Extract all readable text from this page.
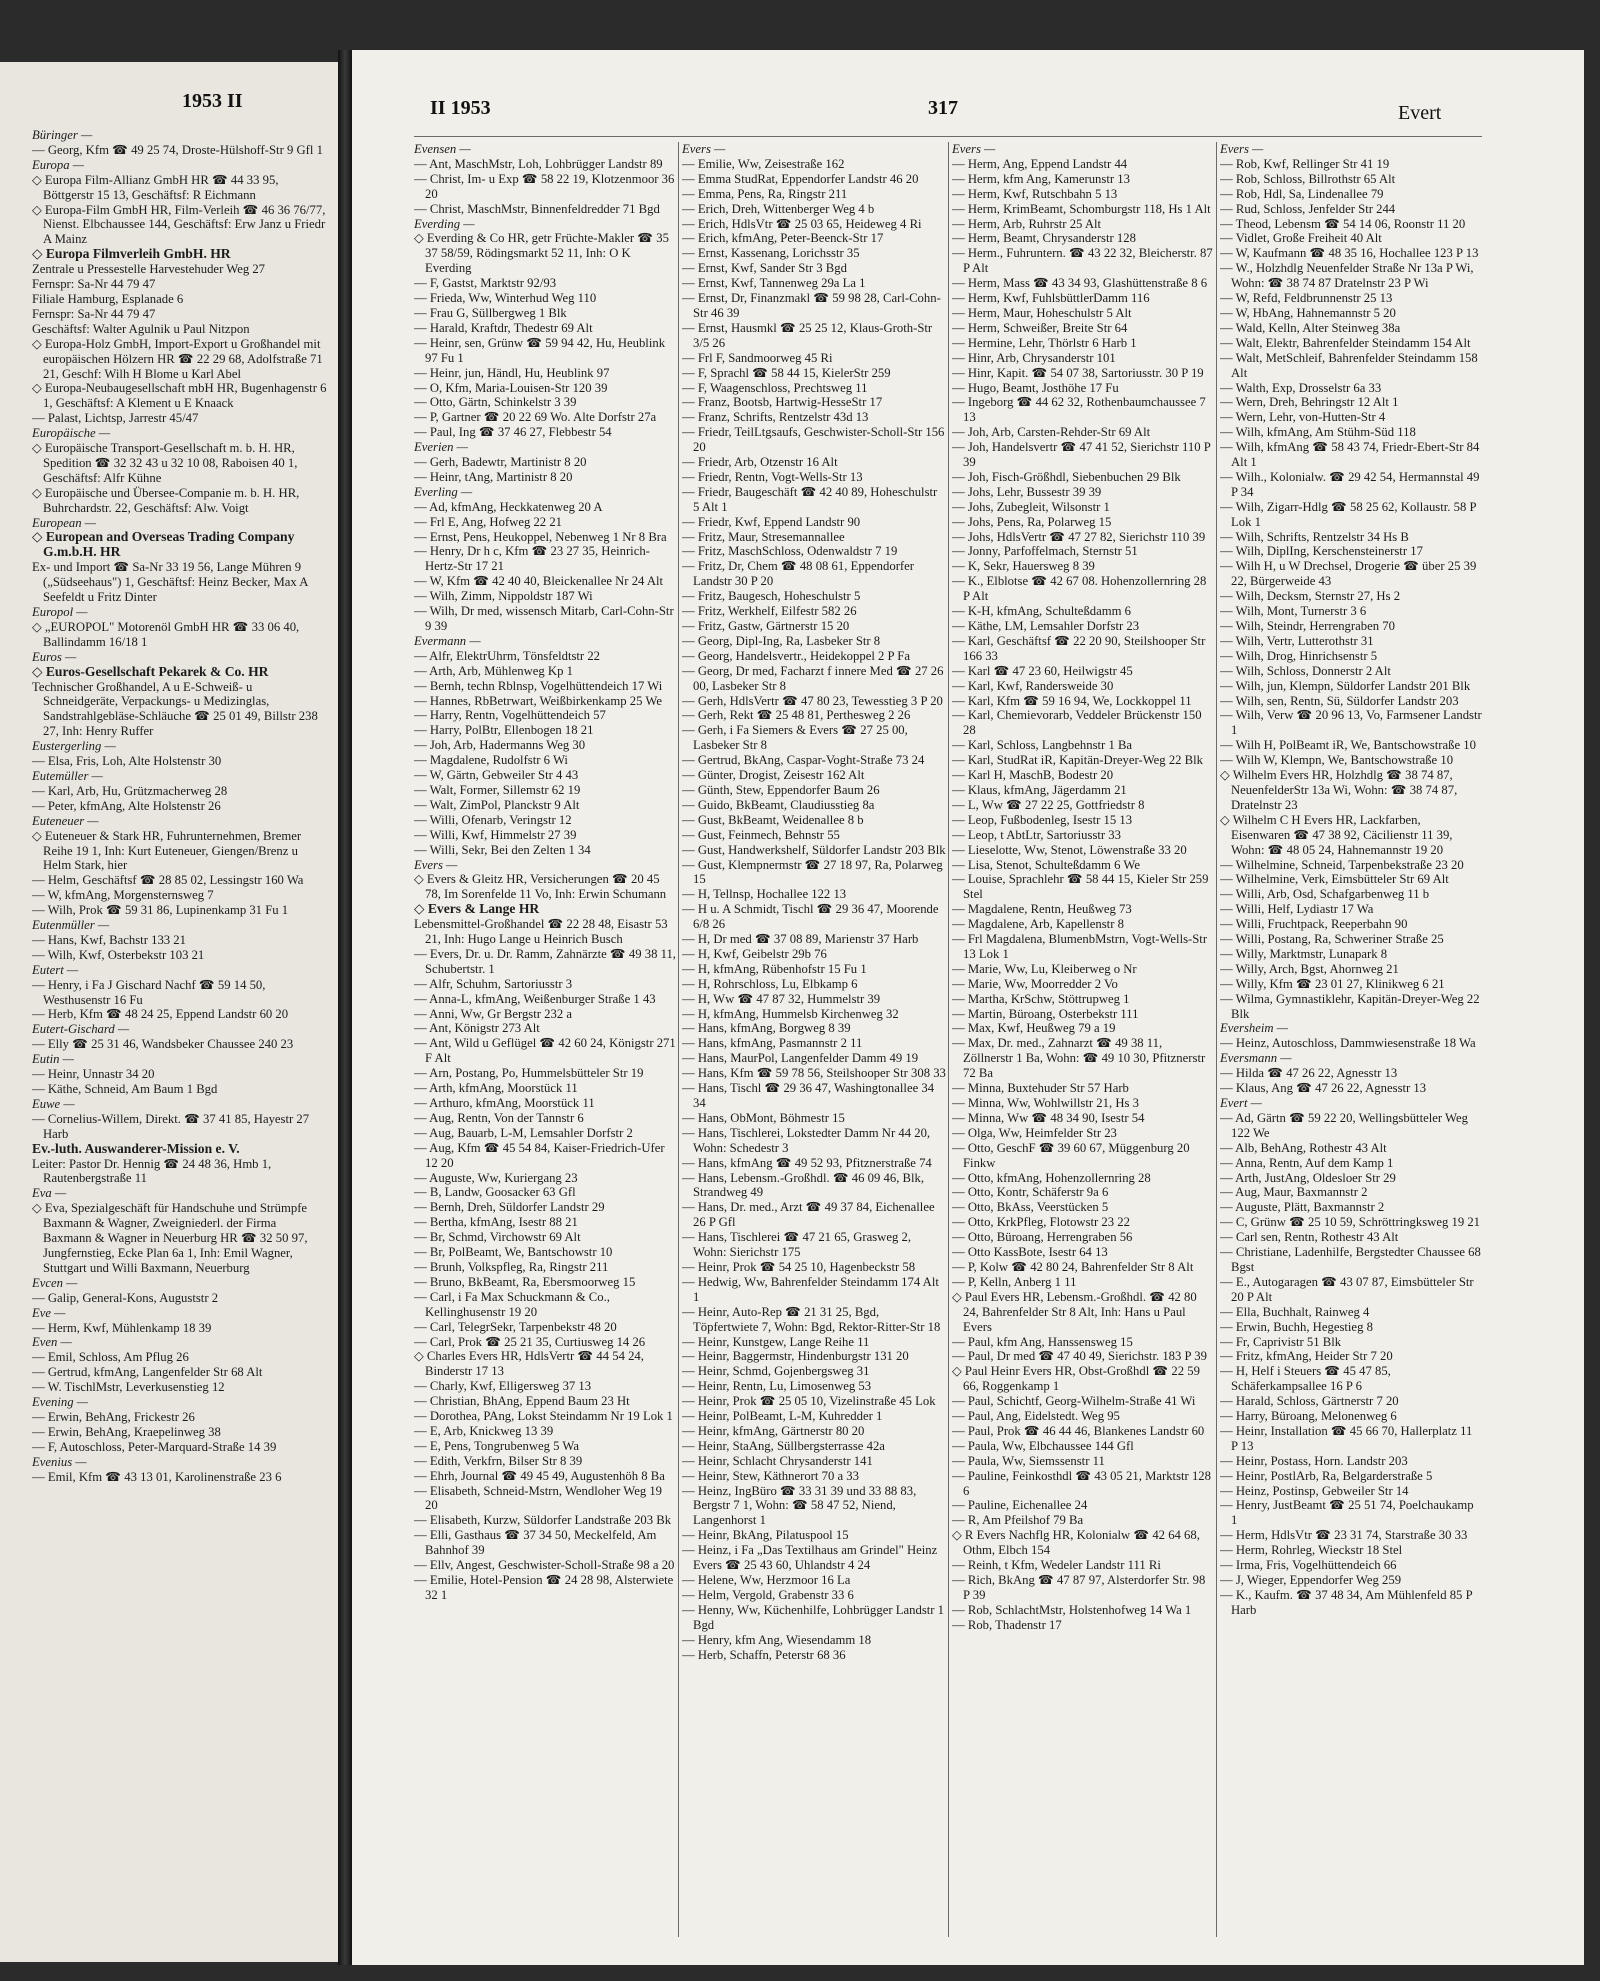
1953 II	II 1953	317	Evert

Büringer —

— Georg, Kfm ☎ 49 25 74, Droste-Hülshoff-Str 9 Gfl 1

Europa —

◇ Europa Film-Allianz GmbH HR ☎ 44 33 95, Böttgerstr 15 13, Geschäftsf: R Eichmann

◇ Europa-Film GmbH HR, Film-Verleih ☎ 46 36 76/77, Nienst. Elbchaussee 144, Geschäftsf: Erw Janz u Friedr A Mainz

◇ Europa Filmverleih GmbH. HR

Zentrale u Pressestelle Harvestehuder Weg 27

Fernspr: Sa-Nr 44 79 47

Filiale Hamburg, Esplanade 6

Fernspr: Sa-Nr 44 79 47

Geschäftsf: Walter Agulnik u Paul Nitzpon

◇ Europa-Holz GmbH, Import-Export u Großhandel mit europäischen Hölzern HR ☎ 22 29 68, Adolfstraße 71 21, Geschf: Wilh H Blome u Karl Abel

◇ Europa-Neubaugesellschaft mbH HR, Bugenhagenstr 6 1, Geschäftsf: A Klement u E Knaack

— Palast, Lichtsp, Jarrestr 45/47

Europäische —

◇ Europäische Transport-Gesellschaft m. b. H. HR, Spedition ☎ 32 32 43 u 32 10 08, Raboisen 40 1, Geschäftsf: Alfr Kühne

◇ Europäische und Übersee-Companie m. b. H. HR, Buhrchardstr. 22, Geschäftsf: Alw. Voigt

European —

◇ European and Overseas Trading Company G.m.b.H. HR

Ex- und Import ☎ Sa-Nr 33 19 56, Lange Mühren 9 („Südseehaus") 1, Geschäftsf: Heinz Becker, Max A Seefeldt u Fritz Dinter

Europol —

◇ „EUROPOL" Motorenöl GmbH HR ☎ 33 06 40, Ballindamm 16/18 1

Euros —

◇ Euros-Gesellschaft Pekarek & Co. HR

Technischer Großhandel, A u E-Schweiß- u Schneidgeräte, Verpackungs- u Medizinglas, Sandstrahlgebläse-Schläuche ☎ 25 01 49, Billstr 238 27, Inh: Henry Ruffer

Eustergerling —

— Elsa, Fris, Loh, Alte Holstenstr 30

Eutemüller —

— Karl, Arb, Hu, Grützmacherweg 28

— Peter, kfmAng, Alte Holstenstr 26

Euteneuer —

◇ Euteneuer & Stark HR, Fuhrunternehmen, Bremer Reihe 19 1, Inh: Kurt Euteneuer, Giengen/Brenz u Helm Stark, hier

— Helm, Geschäftsf ☎ 28 85 02, Lessingstr 160 Wa

— W, kfmAng, Morgensternsweg 7

— Wilh, Prok ☎ 59 31 86, Lupinenkamp 31 Fu 1

Eutenmüller —

— Hans, Kwf, Bachstr 133 21

— Wilh, Kwf, Osterbekstr 103 21

Eutert —

— Henry, i Fa J Gischard Nachf ☎ 59 14 50, Westhusenstr 16 Fu

— Herb, Kfm ☎ 48 24 25, Eppend Landstr 60 20

Eutert-Gischard —

— Elly ☎ 25 31 46, Wandsbeker Chaussee 240 23

Eutin —

— Heinr, Unnastr 34 20

— Käthe, Schneid, Am Baum 1 Bgd

Euwe —

— Cornelius-Willem, Direkt. ☎ 37 41 85, Hayestr 27 Harb

Ev.-luth. Auswanderer-Mission e. V.

Leiter: Pastor Dr. Hennig ☎ 24 48 36, Hmb 1, Rautenbergstraße 11

Eva —

◇ Eva, Spezialgeschäft für Handschuhe und Strümpfe Baxmann & Wagner, Zweigniederl. der Firma Baxmann & Wagner in Neuerburg HR ☎ 32 50 97, Jungfernstieg, Ecke Plan 6a 1, Inh: Emil Wagner, Stuttgart und Willi Baxmann, Neuerburg

Evcen —

— Galip, General-Kons, Auguststr 2

Eve —

— Herm, Kwf, Mühlenkamp 18 39

Even —

— Emil, Schloss, Am Pflug 26

— Gertrud, kfmAng, Langenfelder Str 68 Alt

— W. TischlMstr, Leverkusenstieg 12

Evening —

— Erwin, BehAng, Frickestr 26

— Erwin, BehAng, Kraepelinweg 38

— F, Autoschloss, Peter-Marquard-Straße 14 39

Evenius —

— Emil, Kfm ☎ 43 13 01, Karolinenstraße 23 6

Evensen —

— Ant, MaschMstr, Loh, Lohbrügger Landstr 89

— Christ, Im- u Exp ☎ 58 22 19, Klotzenmoor 36 20

— Christ, MaschMstr, Binnenfeldredder 71 Bgd

Everding —

◇ Everding & Co HR, getr Früchte-Makler ☎ 35 37 58/59, Rödingsmarkt 52 11, Inh: O K Everding

— F, Gastst, Marktstr 92/93

— Frieda, Ww, Winterhud Weg 110

— Frau G, Süllbergweg 1 Blk

— Harald, Kraftdr, Thedestr 69 Alt

— Heinr, sen, Grünw ☎ 59 94 42, Hu, Heublink 97 Fu 1

— Heinr, jun, Händl, Hu, Heublink 97

— O, Kfm, Maria-Louisen-Str 120 39

— Otto, Gärtn, Schinkelstr 3 39

— P, Gartner ☎ 20 22 69 Wo. Alte Dorfstr 27a

— Paul, Ing ☎ 37 46 27, Flebbestr 54

Everien —

— Gerh, Badewtr, Martinistr 8 20

— Heinr, tAng, Martinistr 8 20

Everling —

— Ad, kfmAng, Heckkatenweg 20 A

— Frl E, Ang, Hofweg 22 21

— Ernst, Pens, Heukoppel, Nebenweg 1 Nr 8 Bra

— Henry, Dr h c, Kfm ☎ 23 27 35, Heinrich-Hertz-Str 17 21

— W, Kfm ☎ 42 40 40, Bleickenallee Nr 24 Alt

— Wilh, Zimm, Nippoldstr 187 Wi

— Wilh, Dr med, wissensch Mitarb, Carl-Cohn-Str 9 39

Evermann —

— Alfr, ElektrUhrm, Tönsfeldtstr 22

— Arth, Arb, Mühlenweg Kp 1

— Bernh, techn Rblnsp, Vogelhüttendeich 17 Wi

— Hannes, RbBetrwart, Weißbirkenkamp 25 We

— Harry, Rentn, Vogelhüttendeich 57

— Harry, PolBtr, Ellenbogen 18 21

— Joh, Arb, Hadermanns Weg 30

— Magdalene, Rudolfstr 6 Wi

— W, Gärtn, Gebweiler Str 4 43

— Walt, Former, Sillemstr 62 19

— Walt, ZimPol, Planckstr 9 Alt

— Willi, Ofenarb, Veringstr 12

— Willi, Kwf, Himmelstr 27 39

— Willi, Sekr, Bei den Zelten 1 34

Evers —

◇ Evers & Gleitz HR, Versicherungen ☎ 20 45 78, Im Sorenfelde 11 Vo, Inh: Erwin Schumann

◇ Evers & Lange HR

Lebensmittel-Großhandel ☎ 22 28 48, Eisastr 53 21, Inh: Hugo Lange u Heinrich Busch

— Evers, Dr. u. Dr. Ramm, Zahnärzte ☎ 49 38 11, Schubertstr. 1

— Alfr, Schuhm, Sartoriusstr 3

— Anna-L, kfmAng, Weißenburger Straße 1 43

— Anni, Ww, Gr Bergstr 232 a

— Ant, Königstr 273 Alt

— Ant, Wild u Geflügel ☎ 42 60 24, Königstr 271 F Alt

— Arn, Postang, Po, Hummelsbütteler Str 19

— Arth, kfmAng, Moorstück 11

— Arthuro, kfmAng, Moorstück 11

— Aug, Rentn, Von der Tannstr 6

— Aug, Bauarb, L-M, Lemsahler Dorfstr 2

— Aug, Kfm ☎ 45 54 84, Kaiser-Friedrich-Ufer 12 20

— Auguste, Ww, Kuriergang 23

— B, Landw, Goosacker 63 Gfl

— Bernh, Dreh, Süldorfer Landstr 29

— Bertha, kfmAng, Isestr 88 21

— Br, Schmd, Virchowstr 69 Alt

— Br, PolBeamt, We, Bantschowstr 10

— Brunh, Volkspfleg, Ra, Ringstr 211

— Bruno, BkBeamt, Ra, Ebersmoorweg 15

— Carl, i Fa Max Schuckmann & Co., Kellinghusenstr 19 20

— Carl, TelegrSekr, Tarpenbekstr 48 20

— Carl, Prok ☎ 25 21 35, Curtiusweg 14 26

◇ Charles Evers HR, HdlsVertr ☎ 44 54 24, Binderstr 17 13

— Charly, Kwf, Elligersweg 37 13

— Christian, BhAng, Eppend Baum 23 Ht

— Dorothea, PAng, Lokst Steindamm Nr 19 Lok 1

— E, Arb, Knickweg 13 39

— E, Pens, Tongrubenweg 5 Wa

— Edith, Verkfrn, Bilser Str 8 39

— Ehrh, Journal ☎ 49 45 49, Augustenhöh 8 Ba

— Elisabeth, Schneid-Mstrn, Wendloher Weg 19 20

— Elisabeth, Kurzw, Süldorfer Landstraße 203 Bk

— Elli, Gasthaus ☎ 37 34 50, Meckelfeld, Am Bahnhof 39

— Ellv, Angest, Geschwister-Scholl-Straße 98 a 20

— Emilie, Hotel-Pension ☎ 24 28 98, Alsterwiete 32 1

Evers —

— Emilie, Ww, Zeisestraße 162

— Emma StudRat, Eppendorfer Landstr 46 20

— Emma, Pens, Ra, Ringstr 211

— Erich, Dreh, Wittenberger Weg 4 b

— Erich, HdlsVtr ☎ 25 03 65, Heideweg 4 Ri

— Erich, kfmAng, Peter-Beenck-Str 17

— Ernst, Kassenang, Lorichsstr 35

— Ernst, Kwf, Sander Str 3 Bgd

— Ernst, Kwf, Tannenweg 29a La 1

— Ernst, Dr, Finanzmakl ☎ 59 98 28, Carl-Cohn-Str 46 39

— Ernst, Hausmkl ☎ 25 25 12, Klaus-Groth-Str 3/5 26

— Frl F, Sandmoorweg 45 Ri

— F, Sprachl ☎ 58 44 15, KielerStr 259

— F, Waagenschloss, Prechtsweg 11

— Franz, Bootsb, Hartwig-HesseStr 17

— Franz, Schrifts, Rentzelstr 43d 13

— Friedr, TeilLtgsaufs, Geschwister-Scholl-Str 156 20

— Friedr, Arb, Otzenstr 16 Alt

— Friedr, Rentn, Vogt-Wells-Str 13

— Friedr, Baugeschäft ☎ 42 40 89, Hoheschulstr 5 Alt 1

— Friedr, Kwf, Eppend Landstr 90

— Fritz, Maur, Stresemannallee

— Fritz, MaschSchloss, Odenwaldstr 7 19

— Fritz, Dr, Chem ☎ 48 08 61, Eppendorfer Landstr 30 P 20

— Fritz, Baugesch, Hoheschulstr 5

— Fritz, Werkhelf, Eilfestr 582 26

— Fritz, Gastw, Gärtnerstr 15 20

— Georg, Dipl-Ing, Ra, Lasbeker Str 8

— Georg, Handelsvertr., Heidekoppel 2 P Fa

— Georg, Dr med, Facharzt f innere Med ☎ 27 26 00, Lasbeker Str 8

— Gerh, HdlsVertr ☎ 47 80 23, Tewesstieg 3 P 20

— Gerh, Rekt ☎ 25 48 81, Perthesweg 2 26

— Gerh, i Fa Siemers & Evers ☎ 27 25 00, Lasbeker Str 8

— Gertrud, BkAng, Caspar-Voght-Straße 73 24

— Günter, Drogist, Zeisestr 162 Alt

— Günth, Stew, Eppendorfer Baum 26

— Guido, BkBeamt, Claudiusstieg 8a

— Gust, BkBeamt, Weidenallee 8 b

— Gust, Feinmech, Behnstr 55

— Gust, Handwerkshelf, Süldorfer Landstr 203 Blk

— Gust, Klempnermstr ☎ 27 18 97, Ra, Polarweg 15

— H, Tellnsp, Hochallee 122 13

— H u. A Schmidt, Tischl ☎ 29 36 47, Moorende 6/8 26

— H, Dr med ☎ 37 08 89, Marienstr 37 Harb

— H, Kwf, Geibelstr 29b 76

— H, kfmAng, Rübenhofstr 15 Fu 1

— H, Rohrschloss, Lu, Elbkamp 6

— H, Ww ☎ 47 87 32, Hummelstr 39

— H, kfmAng, Hummelsb Kirchenweg 32

— Hans, kfmAng, Borgweg 8 39

— Hans, kfmAng, Pasmannstr 2 11

— Hans, MaurPol, Langenfelder Damm 49 19

— Hans, Kfm ☎ 59 78 56, Steilshooper Str 308 33

— Hans, Tischl ☎ 29 36 47, Washingtonallee 34 34

— Hans, ObMont, Böhmestr 15

— Hans, Tischlerei, Lokstedter Damm Nr 44 20, Wohn: Schedestr 3

— Hans, kfmAng ☎ 49 52 93, Pfitznerstraße 74

— Hans, Lebensm.-Großhdl. ☎ 46 09 46, Blk, Strandweg 49

— Hans, Dr. med., Arzt ☎ 49 37 84, Eichenallee 26 P Gfl

— Hans, Tischlerei ☎ 47 21 65, Grasweg 2, Wohn: Sierichstr 175

— Heinr, Prok ☎ 54 25 10, Hagenbeckstr 58

— Hedwig, Ww, Bahrenfelder Steindamm 174 Alt 1

— Heinr, Auto-Rep ☎ 21 31 25, Bgd, Töpfertwiete 7, Wohn: Bgd, Rektor-Ritter-Str 18

— Heinr, Kunstgew, Lange Reihe 11

— Heinr, Baggermstr, Hindenburgstr 131 20

— Heinr, Schmd, Gojenbergsweg 31

— Heinr, Rentn, Lu, Limosenweg 53

— Heinr, Prok ☎ 25 05 10, Vizelinstraße 45 Lok

— Heinr, PolBeamt, L-M, Kuhredder 1

— Heinr, kfmAng, Gärtnerstr 80 20

— Heinr, StaAng, Süllbergsterrasse 42a

— Heinr, Schlacht Chrysanderstr 141

— Heinr, Stew, Käthnerort 70 a 33

— Heinz, IngBüro ☎ 33 31 39 und 33 88 83, Bergstr 7 1, Wohn: ☎ 58 47 52, Niend, Langenhorst 1

— Heinr, BkAng, Pilatuspool 15

— Heinz, i Fa „Das Textilhaus am Grindel" Heinz Evers ☎ 25 43 60, Uhlandstr 4 24

— Helene, Ww, Herzmoor 16 La

— Helm, Vergold, Grabenstr 33 6

— Henny, Ww, Küchenhilfe, Lohbrügger Landstr 1 Bgd

— Henry, kfm Ang, Wiesendamm 18

— Herb, Schaffn, Peterstr 68 36

Evers —

— Herm, Ang, Eppend Landstr 44

— Herm, kfm Ang, Kamerunstr 13

— Herm, Kwf, Rutschbahn 5 13

— Herm, KrimBeamt, Schomburgstr 118, Hs 1 Alt

— Herm, Arb, Ruhrstr 25 Alt

— Herm, Beamt, Chrysanderstr 128

— Herm., Fuhruntern. ☎ 43 22 32, Bleicherstr. 87 P Alt

— Herm, Mass ☎ 43 34 93, Glashüttenstraße 8 6

— Herm, Kwf, FuhlsbüttlerDamm 116

— Herm, Maur, Hoheschulstr 5 Alt

— Herm, Schweißer, Breite Str 64

— Hermine, Lehr, Thörlstr 6 Harb 1

— Hinr, Arb, Chrysanderstr 101

— Hinr, Kapit. ☎ 54 07 38, Sartoriusstr. 30 P 19

— Hugo, Beamt, Josthöhe 17 Fu

— Ingeborg ☎ 44 62 32, Rothenbaumchaussee 7 13

— Joh, Arb, Carsten-Rehder-Str 69 Alt

— Joh, Handelsvertr ☎ 47 41 52, Sierichstr 110 P 39

— Joh, Fisch-Größhdl, Siebenbuchen 29 Blk

— Johs, Lehr, Bussestr 39 39

— Johs, Zubegleit, Wilsonstr 1

— Johs, Pens, Ra, Polarweg 15

— Johs, HdlsVertr ☎ 47 27 82, Sierichstr 110 39

— Jonny, Parfoffelmach, Sternstr 51

— K, Sekr, Hauersweg 8 39

— K., Elblotse ☎ 42 67 08. Hohenzollernring 28 P Alt

— K-H, kfmAng, Schulteßdamm 6

— Käthe, LM, Lemsahler Dorfstr 23

— Karl, Geschäftsf ☎ 22 20 90, Steilshooper Str 166 33

— Karl ☎ 47 23 60, Heilwigstr 45

— Karl, Kwf, Randersweide 30

— Karl, Kfm ☎ 59 16 94, We, Lockkoppel 11

— Karl, Chemievorarb, Veddeler Brückenstr 150 28

— Karl, Schloss, Langbehnstr 1 Ba

— Karl, StudRat iR, Kapitän-Dreyer-Weg 22 Blk

— Karl H, MaschB, Bodestr 20

— Klaus, kfmAng, Jägerdamm 21

— L, Ww ☎ 27 22 25, Gottfriedstr 8

— Leop, Fußbodenleg, Isestr 15 13

— Leop, t AbtLtr, Sartoriusstr 33

— Lieselotte, Ww, Stenot, Löwenstraße 33 20

— Lisa, Stenot, Schulteßdamm 6 We

— Louise, Sprachlehr ☎ 58 44 15, Kieler Str 259 Stel

— Magdalene, Rentn, Heußweg 73

— Magdalene, Arb, Kapellenstr 8

— Frl Magdalena, BlumenbMstrn, Vogt-Wells-Str 13 Lok 1

— Marie, Ww, Lu, Kleiberweg o Nr

— Marie, Ww, Moorredder 2 Vo

— Martha, KrSchw, Stöttrupweg 1

— Martin, Büroang, Osterbekstr 111

— Max, Kwf, Heußweg 79 a 19

— Max, Dr. med., Zahnarzt ☎ 49 38 11, Zöllnerstr 1 Ba, Wohn: ☎ 49 10 30, Pfitznerstr 72 Ba

— Minna, Buxtehuder Str 57 Harb

— Minna, Ww, Wohlwillstr 21, Hs 3

— Minna, Ww ☎ 48 34 90, Isestr 54

— Olga, Ww, Heimfelder Str 23

— Otto, GeschF ☎ 39 60 67, Müggenburg 20 Finkw

— Otto, kfmAng, Hohenzollernring 28

— Otto, Kontr, Schäferstr 9a 6

— Otto, BkAss, Veerstücken 5

— Otto, KrkPfleg, Flotowstr 23 22

— Otto, Büroang, Herrengraben 56

— Otto KassBote, Isestr 64 13

— P, Kolw ☎ 42 80 24, Bahrenfelder Str 8 Alt

— P, Kelln, Anberg 1 11

◇ Paul Evers HR, Lebensm.-Großhdl. ☎ 42 80 24, Bahrenfelder Str 8 Alt, Inh: Hans u Paul Evers

— Paul, kfm Ang, Hanssensweg 15

— Paul, Dr med ☎ 47 40 49, Sierichstr. 183 P 39

◇ Paul Heinr Evers HR, Obst-Großhdl ☎ 22 59 66, Roggenkamp 1

— Paul, Schichtf, Georg-Wilhelm-Straße 41 Wi

— Paul, Ang, Eidelstedt. Weg 95

— Paul, Prok ☎ 46 44 46, Blankenes Landstr 60

— Paula, Ww, Elbchaussee 144 Gfl

— Paula, Ww, Siemssenstr 11

— Pauline, Feinkosthdl ☎ 43 05 21, Marktstr 128 6

— Pauline, Eichenallee 24

— R, Am Pfeilshof 79 Ba

◇ R Evers Nachflg HR, Kolonialw ☎ 42 64 68, Othm, Elbch 154

— Reinh, t Kfm, Wedeler Landstr 111 Ri

— Rich, BkAng ☎ 47 87 97, Alsterdorfer Str. 98 P 39

— Rob, SchlachtMstr, Holstenhofweg 14 Wa 1

— Rob, Thadenstr 17

Evers —

— Rob, Kwf, Rellinger Str 41 19

— Rob, Schloss, Billrothstr 65 Alt

— Rob, Hdl, Sa, Lindenallee 79

— Rud, Schloss, Jenfelder Str 244

— Theod, Lebensm ☎ 54 14 06, Roonstr 11 20

— Vidlet, Große Freiheit 40 Alt

— W, Kaufmann ☎ 48 35 16, Hochallee 123 P 13

— W., Holzhdlg Neuenfelder Straße Nr 13a P Wi, Wohn: ☎ 38 74 87 Dratelnstr 23 P Wi

— W, Refd, Feldbrunnenstr 25 13

— W, HbAng, Hahnemannstr 5 20

— Wald, Kelln, Alter Steinweg 38a

— Walt, Elektr, Bahrenfelder Steindamm 154 Alt

— Walt, MetSchleif, Bahrenfelder Steindamm 158 Alt

— Walth, Exp, Drosselstr 6a 33

— Wern, Dreh, Behringstr 12 Alt 1

— Wern, Lehr, von-Hutten-Str 4

— Wilh, kfmAng, Am Stühm-Süd 118

— Wilh, kfmAng ☎ 58 43 74, Friedr-Ebert-Str 84 Alt 1

— Wilh., Kolonialw. ☎ 29 42 54, Hermannstal 49 P 34

— Wilh, Zigarr-Hdlg ☎ 58 25 62, Kollaustr. 58 P Lok 1

— Wilh, Schrifts, Rentzelstr 34 Hs B

— Wilh, DiplIng, Kerschensteinerstr 17

— Wilh H, u W Drechsel, Drogerie ☎ über 25 39 22, Bürgerweide 43

— Wilh, Decksm, Sternstr 27, Hs 2

— Wilh, Mont, Turnerstr 3 6

— Wilh, Steindr, Herrengraben 70

— Wilh, Vertr, Lutterothstr 31

— Wilh, Drog, Hinrichsenstr 5

— Wilh, Schloss, Donnerstr 2 Alt

— Wilh, jun, Klempn, Süldorfer Landstr 201 Blk

— Wilh, sen, Rentn, Sü, Süldorfer Landstr 203

— Wilh, Verw ☎ 20 96 13, Vo, Farmsener Landstr 1

— Wilh H, PolBeamt iR, We, Bantschowstraße 10

— Wilh W, Klempn, We, Bantschowstraße 10

◇ Wilhelm Evers HR, Holzhdlg ☎ 38 74 87, NeuenfelderStr 13a Wi, Wohn: ☎ 38 74 87, Dratelnstr 23

◇ Wilhelm C H Evers HR, Lackfarben, Eisenwaren ☎ 47 38 92, Cäcilienstr 11 39, Wohn: ☎ 48 05 24, Hahnemannstr 19 20

— Wilhelmine, Schneid, Tarpenbekstraße 23 20

— Wilhelmine, Verk, Eimsbütteler Str 69 Alt

— Willi, Arb, Osd, Schafgarbenweg 11 b

— Willi, Helf, Lydiastr 17 Wa

— Willi, Fruchtpack, Reeperbahn 90

— Willi, Postang, Ra, Schweriner Straße 25

— Willy, Marktmstr, Lunapark 8

— Willy, Arch, Bgst, Ahornweg 21

— Willy, Kfm ☎ 23 01 27, Klinikweg 6 21

— Wilma, Gymnastiklehr, Kapitän-Dreyer-Weg 22 Blk

Eversheim —

— Heinz, Autoschloss, Dammwiesenstraße 18 Wa

Eversmann —

— Hilda ☎ 47 26 22, Agnesstr 13

— Klaus, Ang ☎ 47 26 22, Agnesstr 13

Evert —

— Ad, Gärtn ☎ 59 22 20, Wellingsbütteler Weg 122 We

— Alb, BehAng, Rothestr 43 Alt

— Anna, Rentn, Auf dem Kamp 1

— Arth, JustAng, Oldesloer Str 29

— Aug, Maur, Baxmannstr 2

— Auguste, Plätt, Baxmannstr 2

— C, Grünw ☎ 25 10 59, Schröttringksweg 19 21

— Carl sen, Rentn, Rothestr 43 Alt

— Christiane, Ladenhilfe, Bergstedter Chaussee 68 Bgst

— E., Autogaragen ☎ 43 07 87, Eimsbütteler Str 20 P Alt

— Ella, Buchhalt, Rainweg 4

— Erwin, Buchh, Hegestieg 8

— Fr, Caprivistr 51 Blk

— Fritz, kfmAng, Heider Str 7 20

— H, Helf i Steuers ☎ 45 47 85, Schäferkampsallee 16 P 6

— Harald, Schloss, Gärtnerstr 7 20

— Harry, Büroang, Melonenweg 6

— Heinr, Installation ☎ 45 66 70, Hallerplatz 11 P 13

— Heinr, Postass, Horn. Landstr 203

— Heinr, PostlArb, Ra, Belgarderstraße 5

— Heinz, Postinsp, Gebweiler Str 14

— Henry, JustBeamt ☎ 25 51 74, Poelchaukamp 1

— Herm, HdlsVtr ☎ 23 31 74, Starstraße 30 33

— Herm, Rohrleg, Wieckstr 18 Stel

— Irma, Fris, Vogelhüttendeich 66

— J, Wieger, Eppendorfer Weg 259

— K., Kaufm. ☎ 37 48 34, Am Mühlenfeld 85 P Harb
